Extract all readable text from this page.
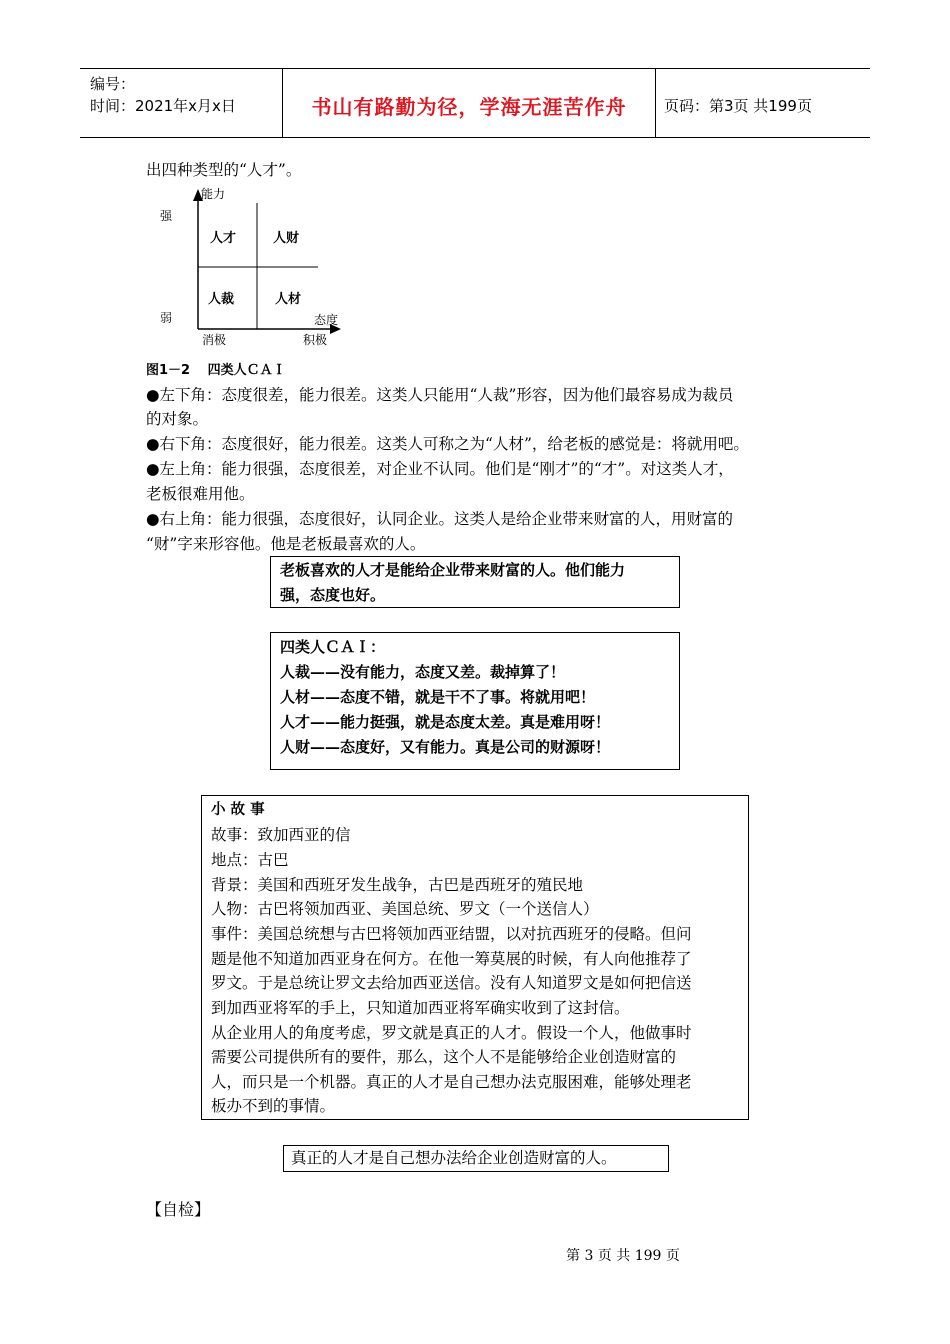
编号：
时间：2021年x月x日	书山有路勤为径，学海无涯苦作舟	页码：第3页 共199页
出四种类型的“人才”。
能力
强
弱	态度
消极	积极
人才	人财
人裁	人材
图1－2　 四类人ＣＡＩ
●左下角：态度很差，能力很差。这类人只能用“人裁”形容，因为他们最容易成为裁员
的对象。
●右下角：态度很好，能力很差。这类人可称之为“人材”，给老板的感觉是：将就用吧。
●左上角：能力很强，态度很差，对企业不认同。他们是“刚才”的“才”。对这类人才，
老板很难用他。
●右上角：能力很强，态度很好，认同企业。这类人是给企业带来财富的人，用财富的
“财”字来形容他。他是老板最喜欢的人。
老板喜欢的人才是能给企业带来财富的人。他们能力
强，态度也好。
四类人ＣＡＩ：
人裁——没有能力，态度又差。裁掉算了！
人材——态度不错，就是干不了事。将就用吧！
人才——能力挺强，就是态度太差。真是难用呀！
人财——态度好，又有能力。真是公司的财源呀！
小 故 事
故事：致加西亚的信
地点：古巴
背景：美国和西班牙发生战争，古巴是西班牙的殖民地
人物：古巴将领加西亚、美国总统、罗文（一个送信人）
事件：美国总统想与古巴将领加西亚结盟，以对抗西班牙的侵略。但问
题是他不知道加西亚身在何方。在他一筹莫展的时候，有人向他推荐了
罗文。于是总统让罗文去给加西亚送信。没有人知道罗文是如何把信送
到加西亚将军的手上，只知道加西亚将军确实收到了这封信。
从企业用人的角度考虑，罗文就是真正的人才。假设一个人，他做事时
需要公司提供所有的要件，那么，这个人不是能够给企业创造财富的
人，而只是一个机器。真正的人才是自己想办法克服困难，能够处理老
板办不到的事情。
真正的人才是自己想办法给企业创造财富的人。
【自检】
第 3 页 共 199 页
